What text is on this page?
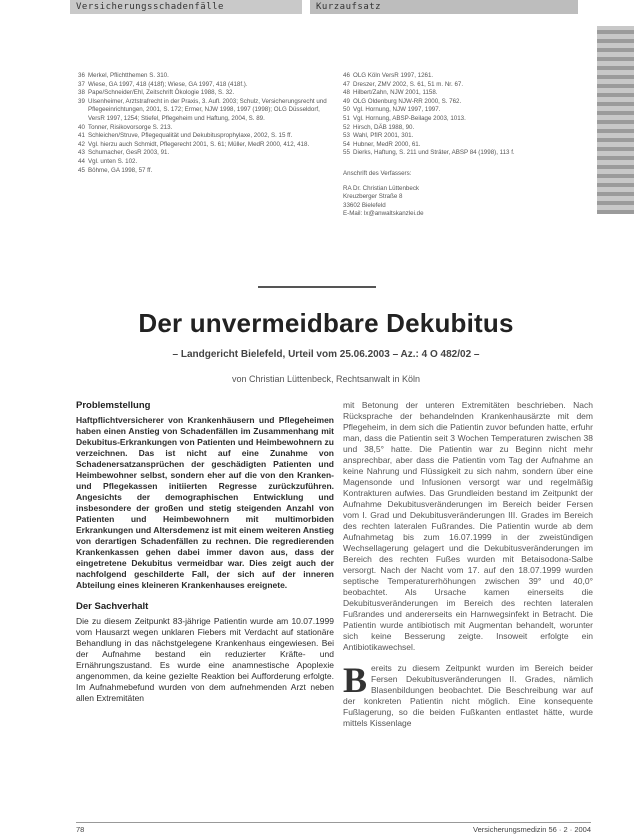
Versicherungsschadenfälle	Kurzaufsatz
36 Merkel, Pflichtthemen S. 310.
37 Wiese, GA 1997, 418 (418f); Wiese, GA 1997, 418 (418f.).
38 Pape/Schneider/Ehl, Zeitschrift Ökologie 1988, S. 32.
39 Ulsenheimer, Arztstrafrecht in der Praxis, 3. Aufl. 2003; Schulz, Versicherungsrecht und Pflegeeinrichtungen, 2001, S. 172; Ermer, NJW 1998, 1997 (1998); OLG Düsseldorf, VersR 1997, 1254; Stiefel, Pflegeheim und Haftung, 2004, S. 89.
40 Tonner, Risikovorsorge S. 213.
41 Schleichen/Struve, Pflegequalität und Dekubitusprophylaxe, 2002, S. 15 ff.
42 Vgl. hierzu auch Schmidt, Pflegerecht 2001, S. 61; Müller, MedR 2000, 412, 418.
43 Schumacher, GesR 2003, 91.
44 Vgl. unten S. 102.
45 Böhme, GA 1998, 57 ff.
46 OLG Köln VersR 1997, 1261.
47 Dreszer, ZMV 2002, S. 61, 51 m. Nr. 67.
48 Hilbert/Zahn, NJW 2001, 1158.
49 OLG Oldenburg NJW-RR 2000, S. 762.
50 Vgl. Hornung, NJW 1997, 1997.
51 Vgl. Hornung, ABSP-Beilage 2003, 1013.
52 Hirsch, DÄB 1988, 90.
53 Wahl, PfIR 2001, 301.
54 Hubner, MedR 2000, 61.
55 Dierks, Haftung, S. 211 und Sträter, ABSP 84 (1998), 113 f.
Anschrift des Verfassers:
RA Dr. Christian Lüttenbeck
Kreuzberger Straße 8
33602 Bielefeld
E-Mail: lx@anwaltskanzlei.de
Der unvermeidbare Dekubitus
– Landgericht Bielefeld, Urteil vom 25.06.2003 – Az.: 4 O 482/02 –
von Christian Lüttenbeck, Rechtsanwalt in Köln
Problemstellung

Haftpflichtversicherer von Krankenhäusern und Pflegeheimen haben einen Anstieg von Schadenfällen im Zusammenhang mit Dekubitus-Erkrankungen von Patienten und Heimbewohnern zu verzeichnen. Das ist nicht auf eine Zunahme von Schadenersatzansprüchen der geschädigten Patienten und Heimbewohner selbst, sondern eher auf die von den Kranken- und Pflegekassen initiierten Regresse zurückzuführen. Angesichts der demographischen Entwicklung und insbesondere der großen und stetig steigenden Anzahl von Patienten und Heimbewohnern mit multimorbiden Erkrankungen und Altersdemenz ist mit einem weiteren Anstieg von derartigen Schadenfällen zu rechnen. Die regredierenden Krankenkassen gehen dabei immer davon aus, dass der eingetretene Dekubitus vermeidbar war. Dies zeigt auch der nachfolgend geschilderte Fall, der sich auf der inneren Abteilung eines kleineren Krankenhauses ereignete.

Der Sachverhalt

Die zu diesem Zeitpunkt 83-jährige Patientin wurde am 10.07.1999 vom Hausarzt wegen unklaren Fiebers mit Verdacht auf stationäre Behandlung in das nächstgelegene Krankenhaus eingewiesen. Bei der Aufnahme bestand ein reduzierter Kräfte- und Ernährungszustand. Es wurde eine anamnestische Apoplexie angenommen, da keine gezielte Reaktion bei Aufforderung erfolgte. Im Aufnahmebefund wurden von dem aufnehmenden Arzt neben allen Extremitäten

mit Betonung der unteren Extremitäten beschrieben. Nach Rücksprache der behandelnden Krankenhausärzte mit dem Pflegeheim, in dem sich die Patientin zuvor befunden hatte, erfuhr man, dass die Patientin seit 3 Wochen Temperaturen zwischen 38 und 38,5° hatte. Die Patientin war zu Beginn nicht mehr ansprechbar, aber dass die Patientin vom Tag der Aufnahme an keine Nahrung und Flüssigkeit zu sich nahm, sondern über eine Magensonde und Infusionen versorgt war und regelmäßig Kontrakturen aufwies. Das Grundleiden bestand im Zeitpunkt der Aufnahme Dekubitusveränderungen im Bereich beider Fersen vom I. Grad und Dekubitusveränderungen III. Grades im Bereich des rechten lateralen Fußrandes. Die Patientin wurde ab dem Aufnahmetag bis zum 16.07.1999 in der zweistündigen Wechsellagerung gelagert und die Dekubitusveränderungen im Bereich des rechten Fußes wurden mit Betaisodona-Salbe versorgt. Nach der Nacht vom 17. auf den 18.07.1999 wurden septische Temperaturerhöhungen zwischen 39° und 40,0° beobachtet. Als Ursache kamen einerseits die Dekubitusveränderungen im Bereich des rechten lateralen Fußrandes und andererseits ein Harnwegsinfekt in Betracht. Die Patientin wurde antibiotisch mit Augmentan behandelt, worunter sich keine Besserung zeigte. Insoweit erfolgte ein Antibiotikawechsel.

Bereits zu diesem Zeitpunkt wurden im Bereich beider Fersen Dekubitusveränderungen II. Grades, nämlich Blasenbildungen beobachtet. Die Beschreibung war auf der konkreten Patientin nicht möglich. Eine konsequente Fußlagerung, so die beiden Fußkanten entlastet hätte, wurde mittels Kissenlage

78	Versicherungsmedizin 56 · 2 · 2004
